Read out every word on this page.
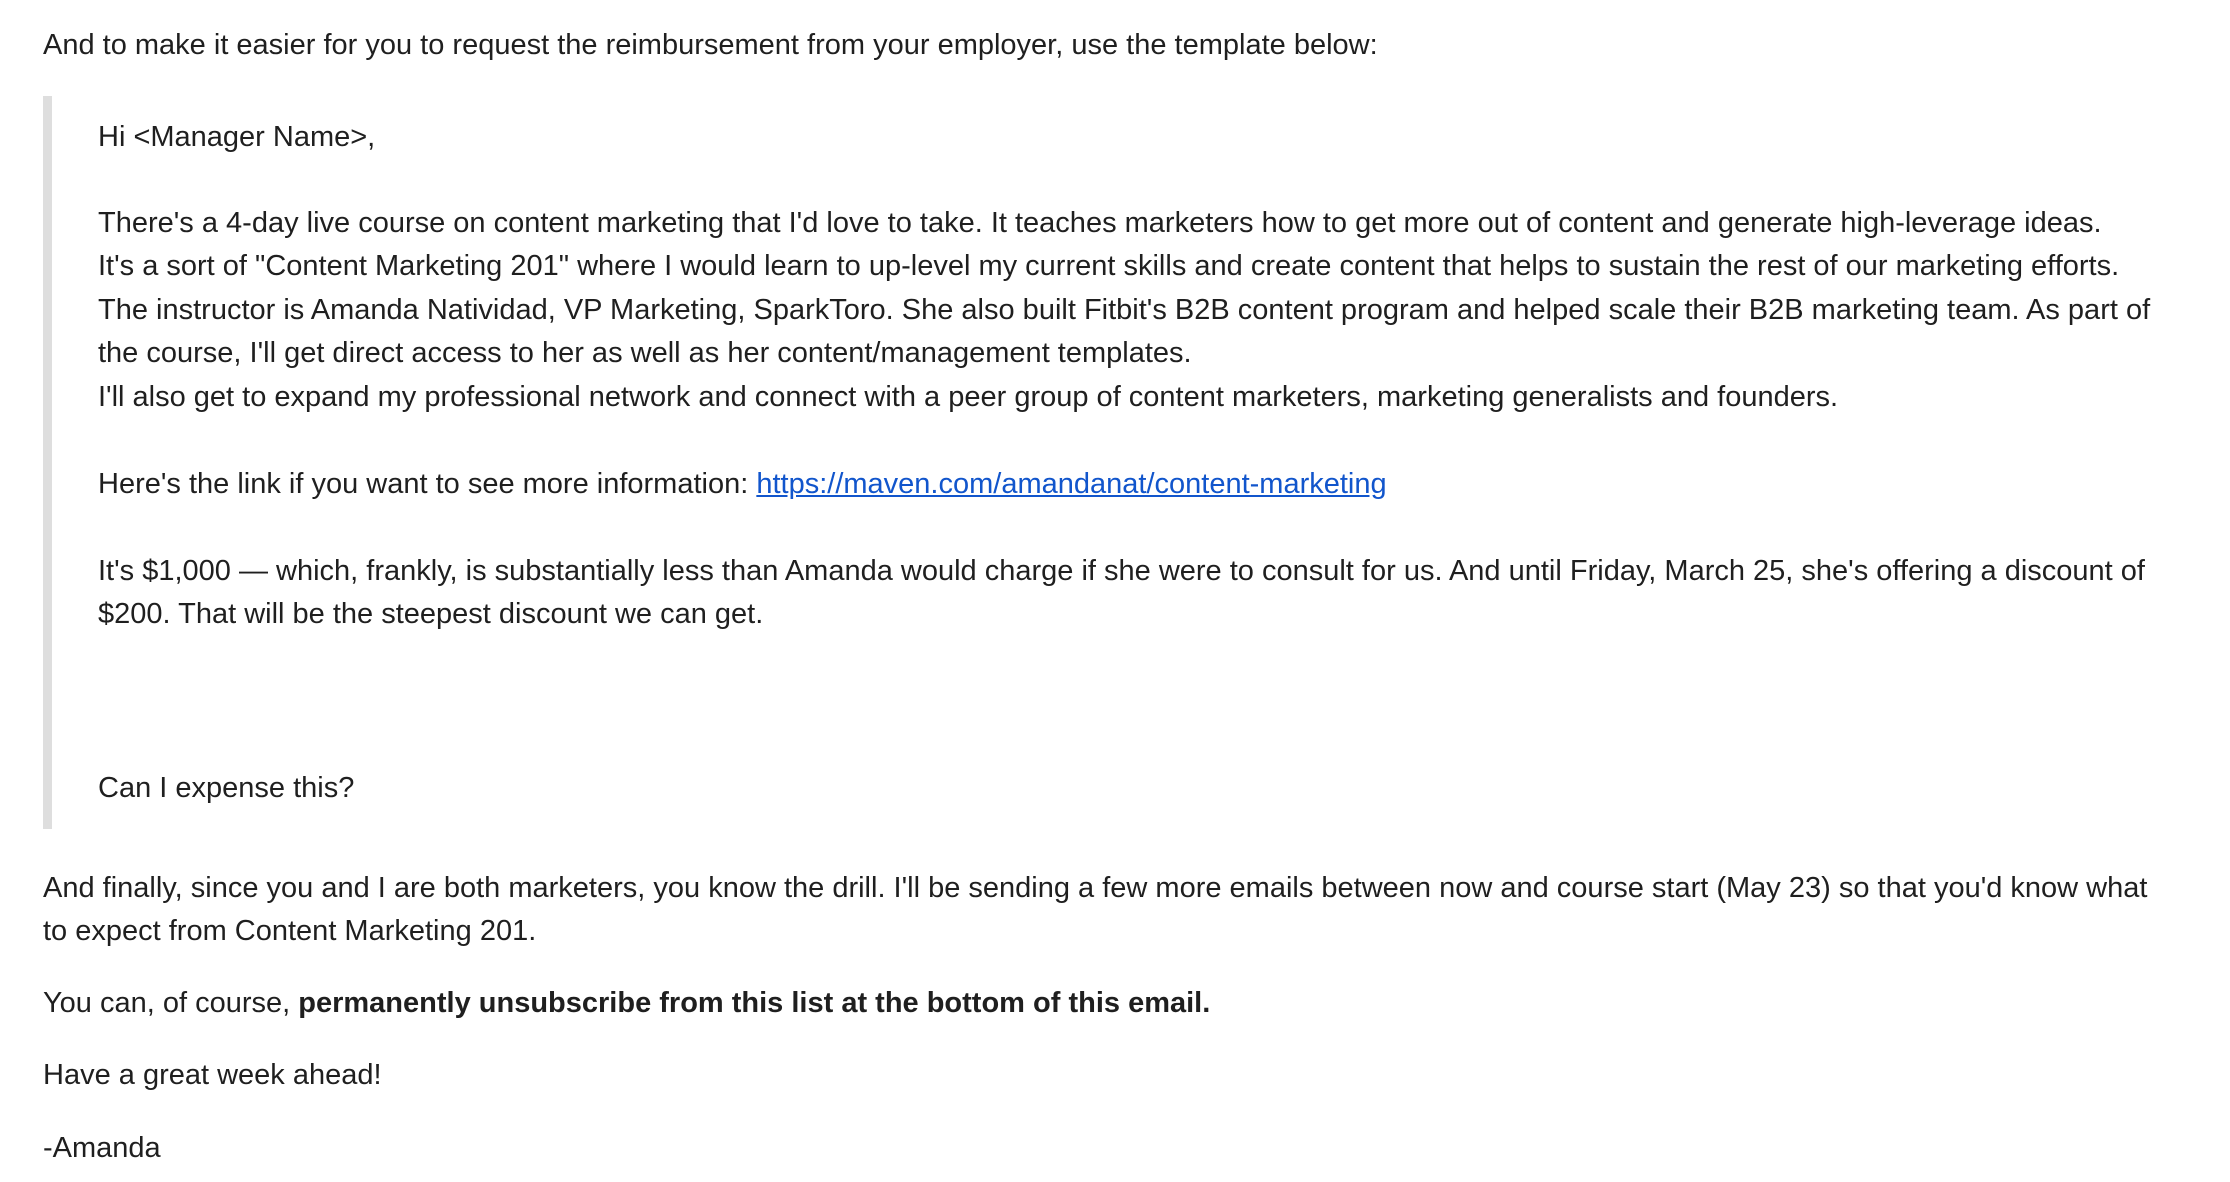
And to make it easier for you to request the reimbursement from your employer, use the template below:

Hi <Manager Name>,

There's a 4-day live course on content marketing that I'd love to take. It teaches marketers how to get more out of content and generate high-leverage ideas.
It's a sort of "Content Marketing 201" where I would learn to up-level my current skills and create content that helps to sustain the rest of our marketing efforts.
The instructor is Amanda Natividad, VP Marketing, SparkToro. She also built Fitbit's B2B content program and helped scale their B2B marketing team. As part of
the course, I'll get direct access to her as well as her content/management templates.

I'll also get to expand my professional network and connect with a peer group of content marketers, marketing generalists and founders.

Here's the link if you want to see more information: https://maven.com/amandanat/content-marketing

It's $1,000 — which, frankly, is substantially less than Amanda would charge if she were to consult for us. And until Friday, March 25, she's offering a discount of
$200. That will be the steepest discount we can get.

Can I expense this?

And finally, since you and I are both marketers, you know the drill. I'll be sending a few more emails between now and course start (May 23) so that you'd know what
to expect from Content Marketing 201.

You can, of course, permanently unsubscribe from this list at the bottom of this email.

Have a great week ahead!

-Amanda
